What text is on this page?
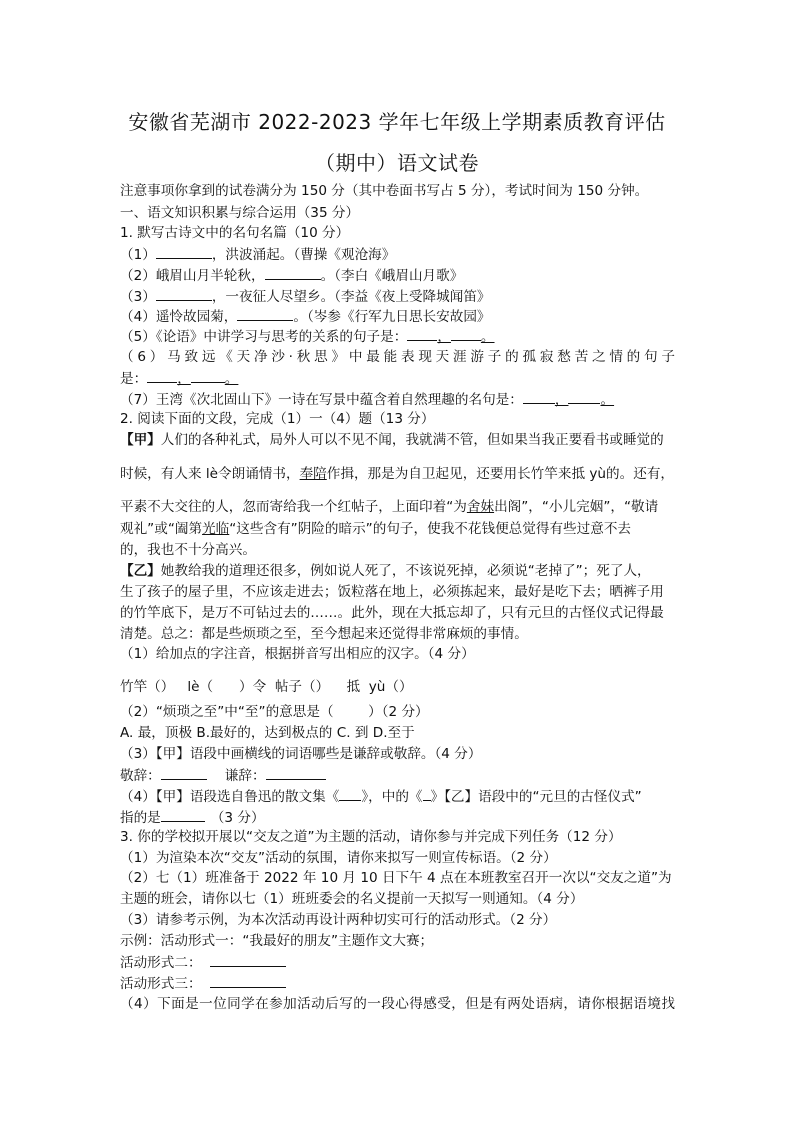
安徽省芜湖市 2022-2023 学年七年级上学期素质教育评估
（期中）语文试卷
注意事项你拿到的试卷满分为 150 分（其中卷面书写占 5 分），考试时间为 150 分钟。
一、语文知识积累与综合运用（35 分）
1. 默写古诗文中的名句名篇（10 分）
（1）	，洪波涌起。（曹操《观沧海》
（2）峨眉山月半轮秋，	。（李白《峨眉山月歌》
（3）	，一夜征人尽望乡。（李益《夜上受降城闻笛》
（4）遥怜故园菊，	。（岑参《行军九日思长安故园》
（5）《论语》中讲学习与思考的关系的句子是： ， 。
（6）马致远《天净沙·秋思》中最能表现天涯游子的孤寂愁苦之情的句子
是： ，	。
（7）王湾《次北固山下》一诗在写景中蕴含着自然理趣的名句是： ， 。
2. 阅读下面的文段，完成（1）一（4）题（13 分）
【甲】人们的各种礼式，局外人可以不见不闻，我就满不管，但如果当我正要看书或睡觉的
时候，有人来 lè令朗诵情书，奉陪作揖，那是为自卫起见，还要用长竹竿来抵 yù的。还有，
平素不大交往的人，忽而寄给我一个红帖子，上面印着“为舍妹出阁”，“小儿完姻”，“敬请
观礼”或“阖第光临“这些含有”阴险的暗示”的句子，使我不花钱便总觉得有些过意不去
的，我也不十分高兴。
【乙】她教给我的道理还很多，例如说人死了，不该说死掉，必须说“老掉了”；死了人，
生了孩子的屋子里，不应该走进去；饭粒落在地上，必须拣起来，最好是吃下去；晒裤子用
的竹竿底下，是万不可钻过去的……。此外，现在大抵忘却了，只有元旦的古怪仪式记得最
清楚。总之：都是些烦琐之至，至今想起来还觉得非常麻烦的事情。
（1）给加点的字注音，根据拼音写出相应的汉字。（4 分）
竹竿（）   lè（      ）令  帖子（）    抵  yù（）
（2）“烦琐之至”中“至”的意思是（        ）（2 分）
A. 最，顶极 B.最好的，达到极点的 C. 到 D.至于
（3）【甲】语段中画横线的词语哪些是谦辞或敬辞。（4 分）
敬辞：	谦辞：
（4）【甲】语段选自鲁迅的散文集《 》，中的《 》【乙】语段中的“元旦的古怪仪式”
指的是	（3 分）
3. 你的学校拟开展以“交友之道”为主题的活动，请你参与并完成下列任务（12 分）
（1）为渲染本次“交友”活动的氛围，请你来拟写一则宣传标语。（2 分）
（2）七（1）班准备于 2022 年 10 月 10 日下午 4 点在本班教室召开一次以“交友之道”为
主题的班会，请你以七（1）班班委会的名义提前一天拟写一则通知。（4 分）
（3）请参考示例，为本次活动再设计两种切实可行的活动形式。（2 分）
示例：活动形式一：“我最好的朋友”主题作文大赛；
活动形式二：
活动形式三：
（4）下面是一位同学在参加活动后写的一段心得感受，但是有两处语病，请你根据语境找
